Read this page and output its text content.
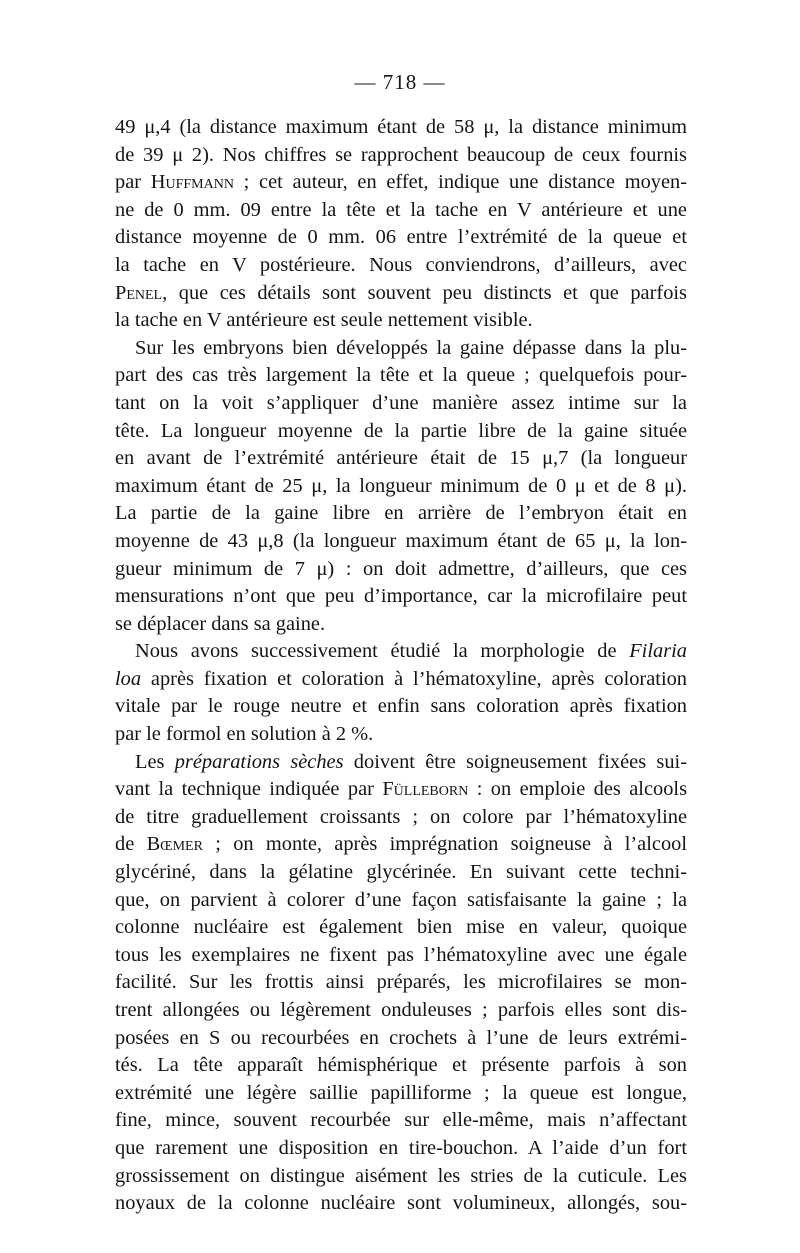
— 718 —
49 μ,4 (la distance maximum étant de 58 μ, la distance minimum
de 39 μ 2). Nos chiffres se rapprochent beaucoup de ceux fournis
par Huffmann ; cet auteur, en effet, indique une distance moyen-
ne de 0 mm. 09 entre la tête et la tache en V antérieure et une
distance moyenne de 0 mm. 06 entre l’extrémité de la queue et
la tache en V postérieure. Nous conviendrons, d’ailleurs, avec
Penel, que ces détails sont souvent peu distincts et que parfois
la tache en V antérieure est seule nettement visible.
Sur les embryons bien développés la gaine dépasse dans la plu-
part des cas très largement la tête et la queue ; quelquefois pour-
tant on la voit s’appliquer d’une manière assez intime sur la
tête. La longueur moyenne de la partie libre de la gaine située
en avant de l’extrémité antérieure était de 15 μ,7 (la longueur
maximum étant de 25 μ, la longueur minimum de 0 μ et de 8 μ).
La partie de la gaine libre en arrière de l’embryon était en
moyenne de 43 μ,8 (la longueur maximum étant de 65 μ, la lon-
gueur minimum de 7 μ) : on doit admettre, d’ailleurs, que ces
mensurations n’ont que peu d’importance, car la microfilaire peut
se déplacer dans sa gaine.
Nous avons successivement étudié la morphologie de Filaria
loa après fixation et coloration à l’hématoxyline, après coloration
vitale par le rouge neutre et enfin sans coloration après fixation
par le formol en solution à 2 %.
Les préparations sèches doivent être soigneusement fixées sui-
vant la technique indiquée par Fülleborn : on emploie des alcools
de titre graduellement croissants ; on colore par l’hématoxyline
de Bœmer ; on monte, après imprégnation soigneuse à l’alcool
glycériné, dans la gélatine glycérinée. En suivant cette techni-
que, on parvient à colorer d’une façon satisfaisante la gaine ; la
colonne nucléaire est également bien mise en valeur, quoique
tous les exemplaires ne fixent pas l’hématoxyline avec une égale
facilité. Sur les frottis ainsi préparés, les microfilaires se mon-
trent allongées ou légèrement onduleuses ; parfois elles sont dis-
posées en S ou recourbées en crochets à l’une de leurs extrémi-
tés. La tête apparaît hémisphérique et présente parfois à son
extrémité une légère saillie papilliforme ; la queue est longue,
fine, mince, souvent recourbée sur elle-même, mais n’affectant
que rarement une disposition en tire-bouchon. A l’aide d’un fort
grossissement on distingue aisément les stries de la cuticule. Les
noyaux de la colonne nucléaire sont volumineux, allongés, sou-
